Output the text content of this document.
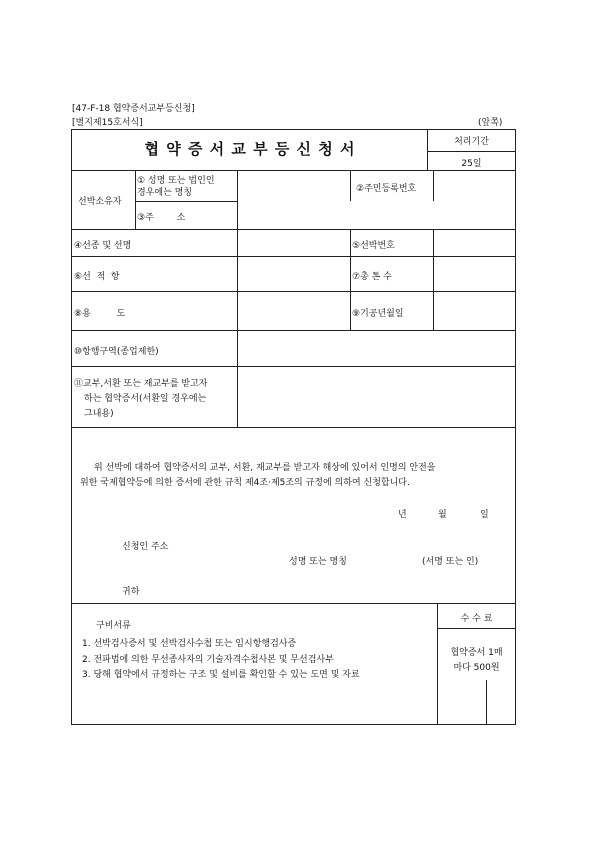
[47-F-18 협약증서교부등신청]
[별지제15호서식]	(앞쪽)
협 약 증 서 교 부 등 신 청 서	처리기간
25일
선박소유자
① 성명 또는 법인인
경우에는 명칭	②주민등록번호
③주        소
④선종 및 선명	⑤선박번호
⑥선  적  항	⑦총 톤 수
⑧용         도	⑨기공년월일
⑩항행구역(종업제한)
⑪교부,서환 또는 재교부를 받고자
하는 협약증서(서환일 경우에는
그내용)
위 선박에 대하여 협약증서의 교부, 서환, 재교부를 받고자 해상에 있어서 인명의 안전을
위한 국제협약등에 의한 증서에 관한 규칙 제4조·제5조의 규정에 의하여 신청합니다.
년	월	일
신청인 주소
성명 또는 명칭	(서명 또는 인)
귀하
구비서류
1. 선박검사증서 및 선박검사수첩 또는 임시항행검사증
2. 전파법에 의한 무선종사자의 기술자격수첩사본 및 무선검사부
3. 당해 협약에서 규정하는 구조 및 설비를 확인할 수 있는 도면 및 자료
수 수 료
협약증서 1매
마다 500원
